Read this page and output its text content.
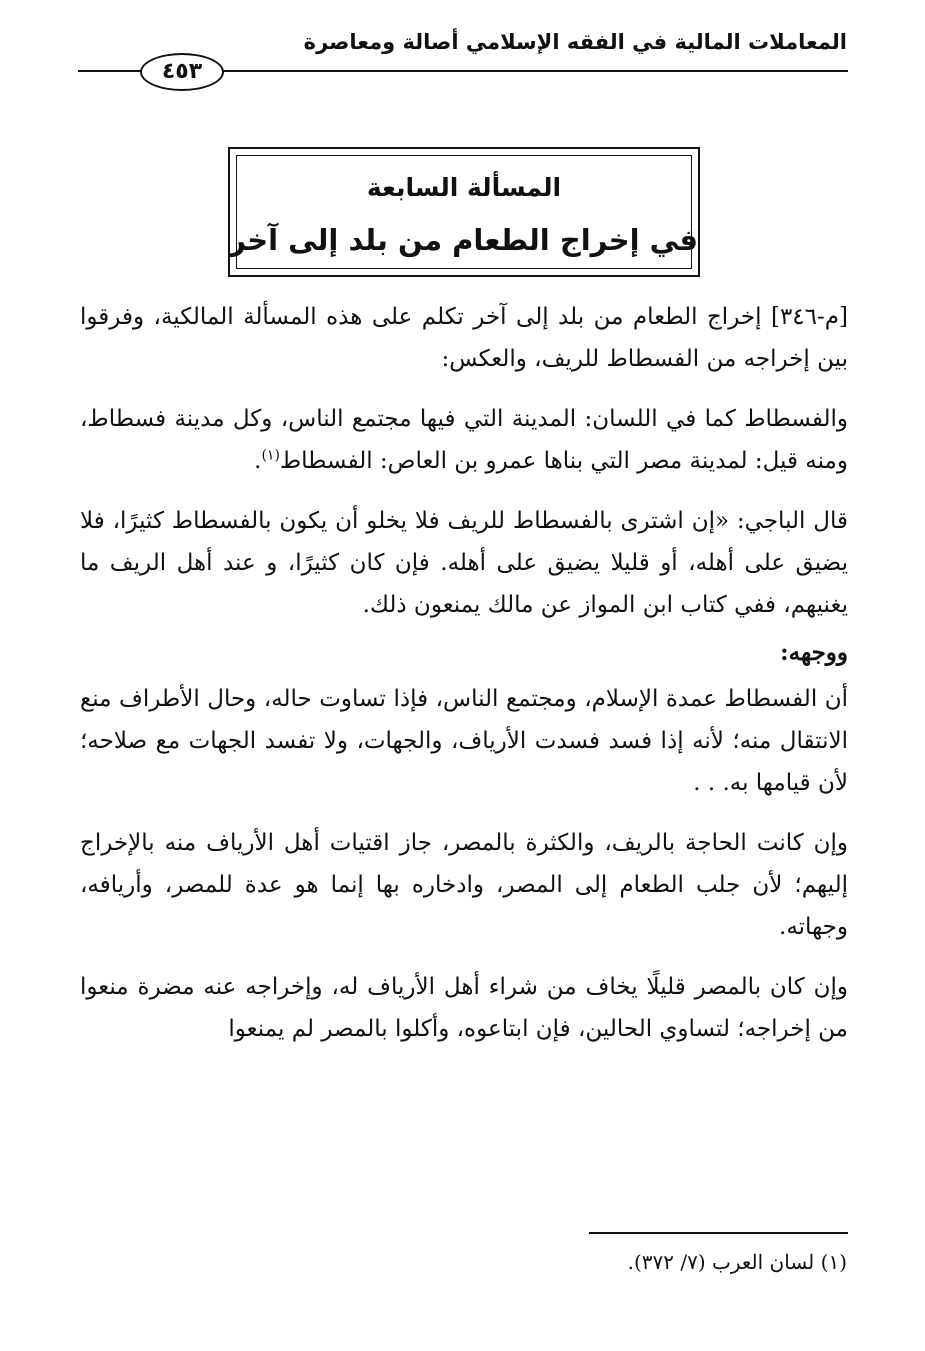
المعاملات المالية في الفقه الإسلامي أصالة ومعاصرة
٤٥٣
المسألة السابعة
في إخراج الطعام من بلد إلى آخر

[م-٣٤٦] إخراج الطعام من بلد إلى آخر تكلم على هذه المسألة المالكية، وفرقوا بين إخراجه من الفسطاط للريف، والعكس:

والفسطاط كما في اللسان: المدينة التي فيها مجتمع الناس، وكل مدينة فسطاط، ومنه قيل: لمدينة مصر التي بناها عمرو بن العاص: الفسطاط$^{(١)}$.

قال الباجي: «إن اشترى بالفسطاط للريف فلا يخلو أن يكون بالفسطاط كثيرًا، فلا يضيق على أهله، أو قليلا يضيق على أهله. فإن كان كثيرًا، و عند أهل الريف ما يغنيهم، ففي كتاب ابن المواز عن مالك يمنعون ذلك.

ووجهه:

أن الفسطاط عمدة الإسلام، ومجتمع الناس، فإذا تساوت حاله، وحال الأطراف منع الانتقال منه؛ لأنه إذا فسد فسدت الأرياف، والجهات، ولا تفسد الجهات مع صلاحه؛ لأن قيامها به. . .

وإن كانت الحاجة بالريف، والكثرة بالمصر، جاز اقتيات أهل الأرياف منه بالإخراج إليهم؛ لأن جلب الطعام إلى المصر، وادخاره بها إنما هو عدة للمصر، وأريافه، وجهاته.

وإن كان بالمصر قليلًا يخاف من شراء أهل الأرياف له، وإخراجه عنه مضرة منعوا من إخراجه؛ لتساوي الحالين، فإن ابتاعوه، وأكلوا بالمصر لم يمنعوا

(١) لسان العرب (٧/ ٣٧٢).
